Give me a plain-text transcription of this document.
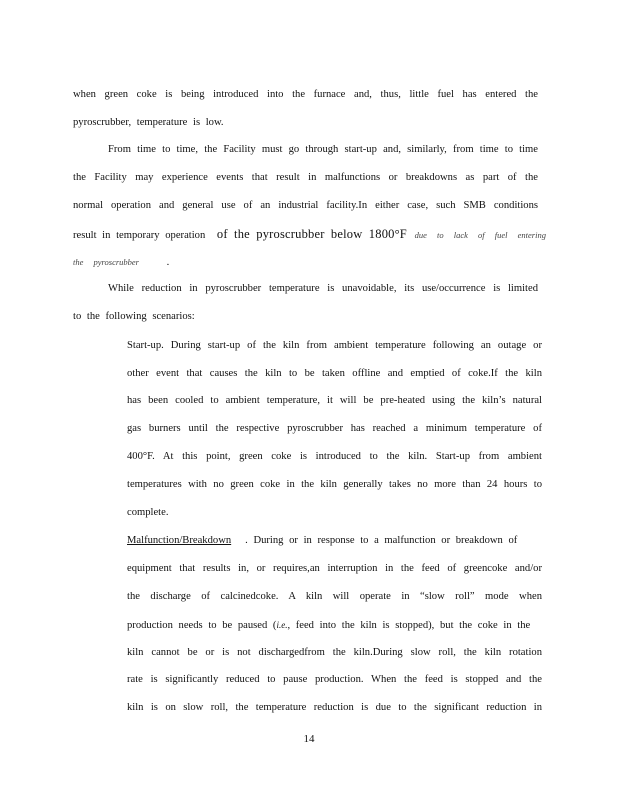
when green coke is being introduced into the furnace and, thus, little fuel has entered the
pyroscrubber, temperature is low.
From time to time, the Facility must go through start-up and, similarly, from time to time
the Facility may experience events that result in malfunctions or breakdowns as part of the
normal operation and general use of an industrial facility.In either case, such SMB conditions
result in temporary operation of the pyroscrubber below 1800°F due to lack of fuel entering
the pyroscrubber	.
While reduction in pyroscrubber temperature is unavoidable, its use/occurrence is limited
to the following scenarios:
Start-up. During start-up of the kiln from ambient temperature following an outage or
other event that causes the kiln to be taken offline and emptied of coke.If the kiln
has been cooled to ambient temperature, it will be pre-heated using the kiln’s natural
gas burners until the respective pyroscrubber has reached a minimum temperature of
400°F. At this point, green coke is introduced to the kiln. Start-up from ambient
temperatures with no green coke in the kiln generally takes no more than 24 hours to
complete.
Malfunction/Breakdown . During or in response to a malfunction or breakdown of
equipment that results in, or requires,an interruption in the feed of greencoke and/or
the discharge of calcinedcoke. A kiln will operate in “slow roll” mode when
production needs to be paused (i.e., feed into the kiln is stopped), but the coke in the
kiln cannot be or is not dischargedfrom the kiln.During slow roll, the kiln rotation
rate is significantly reduced to pause production. When the feed is stopped and the
kiln is on slow roll, the temperature reduction is due to the significant reduction in
14
